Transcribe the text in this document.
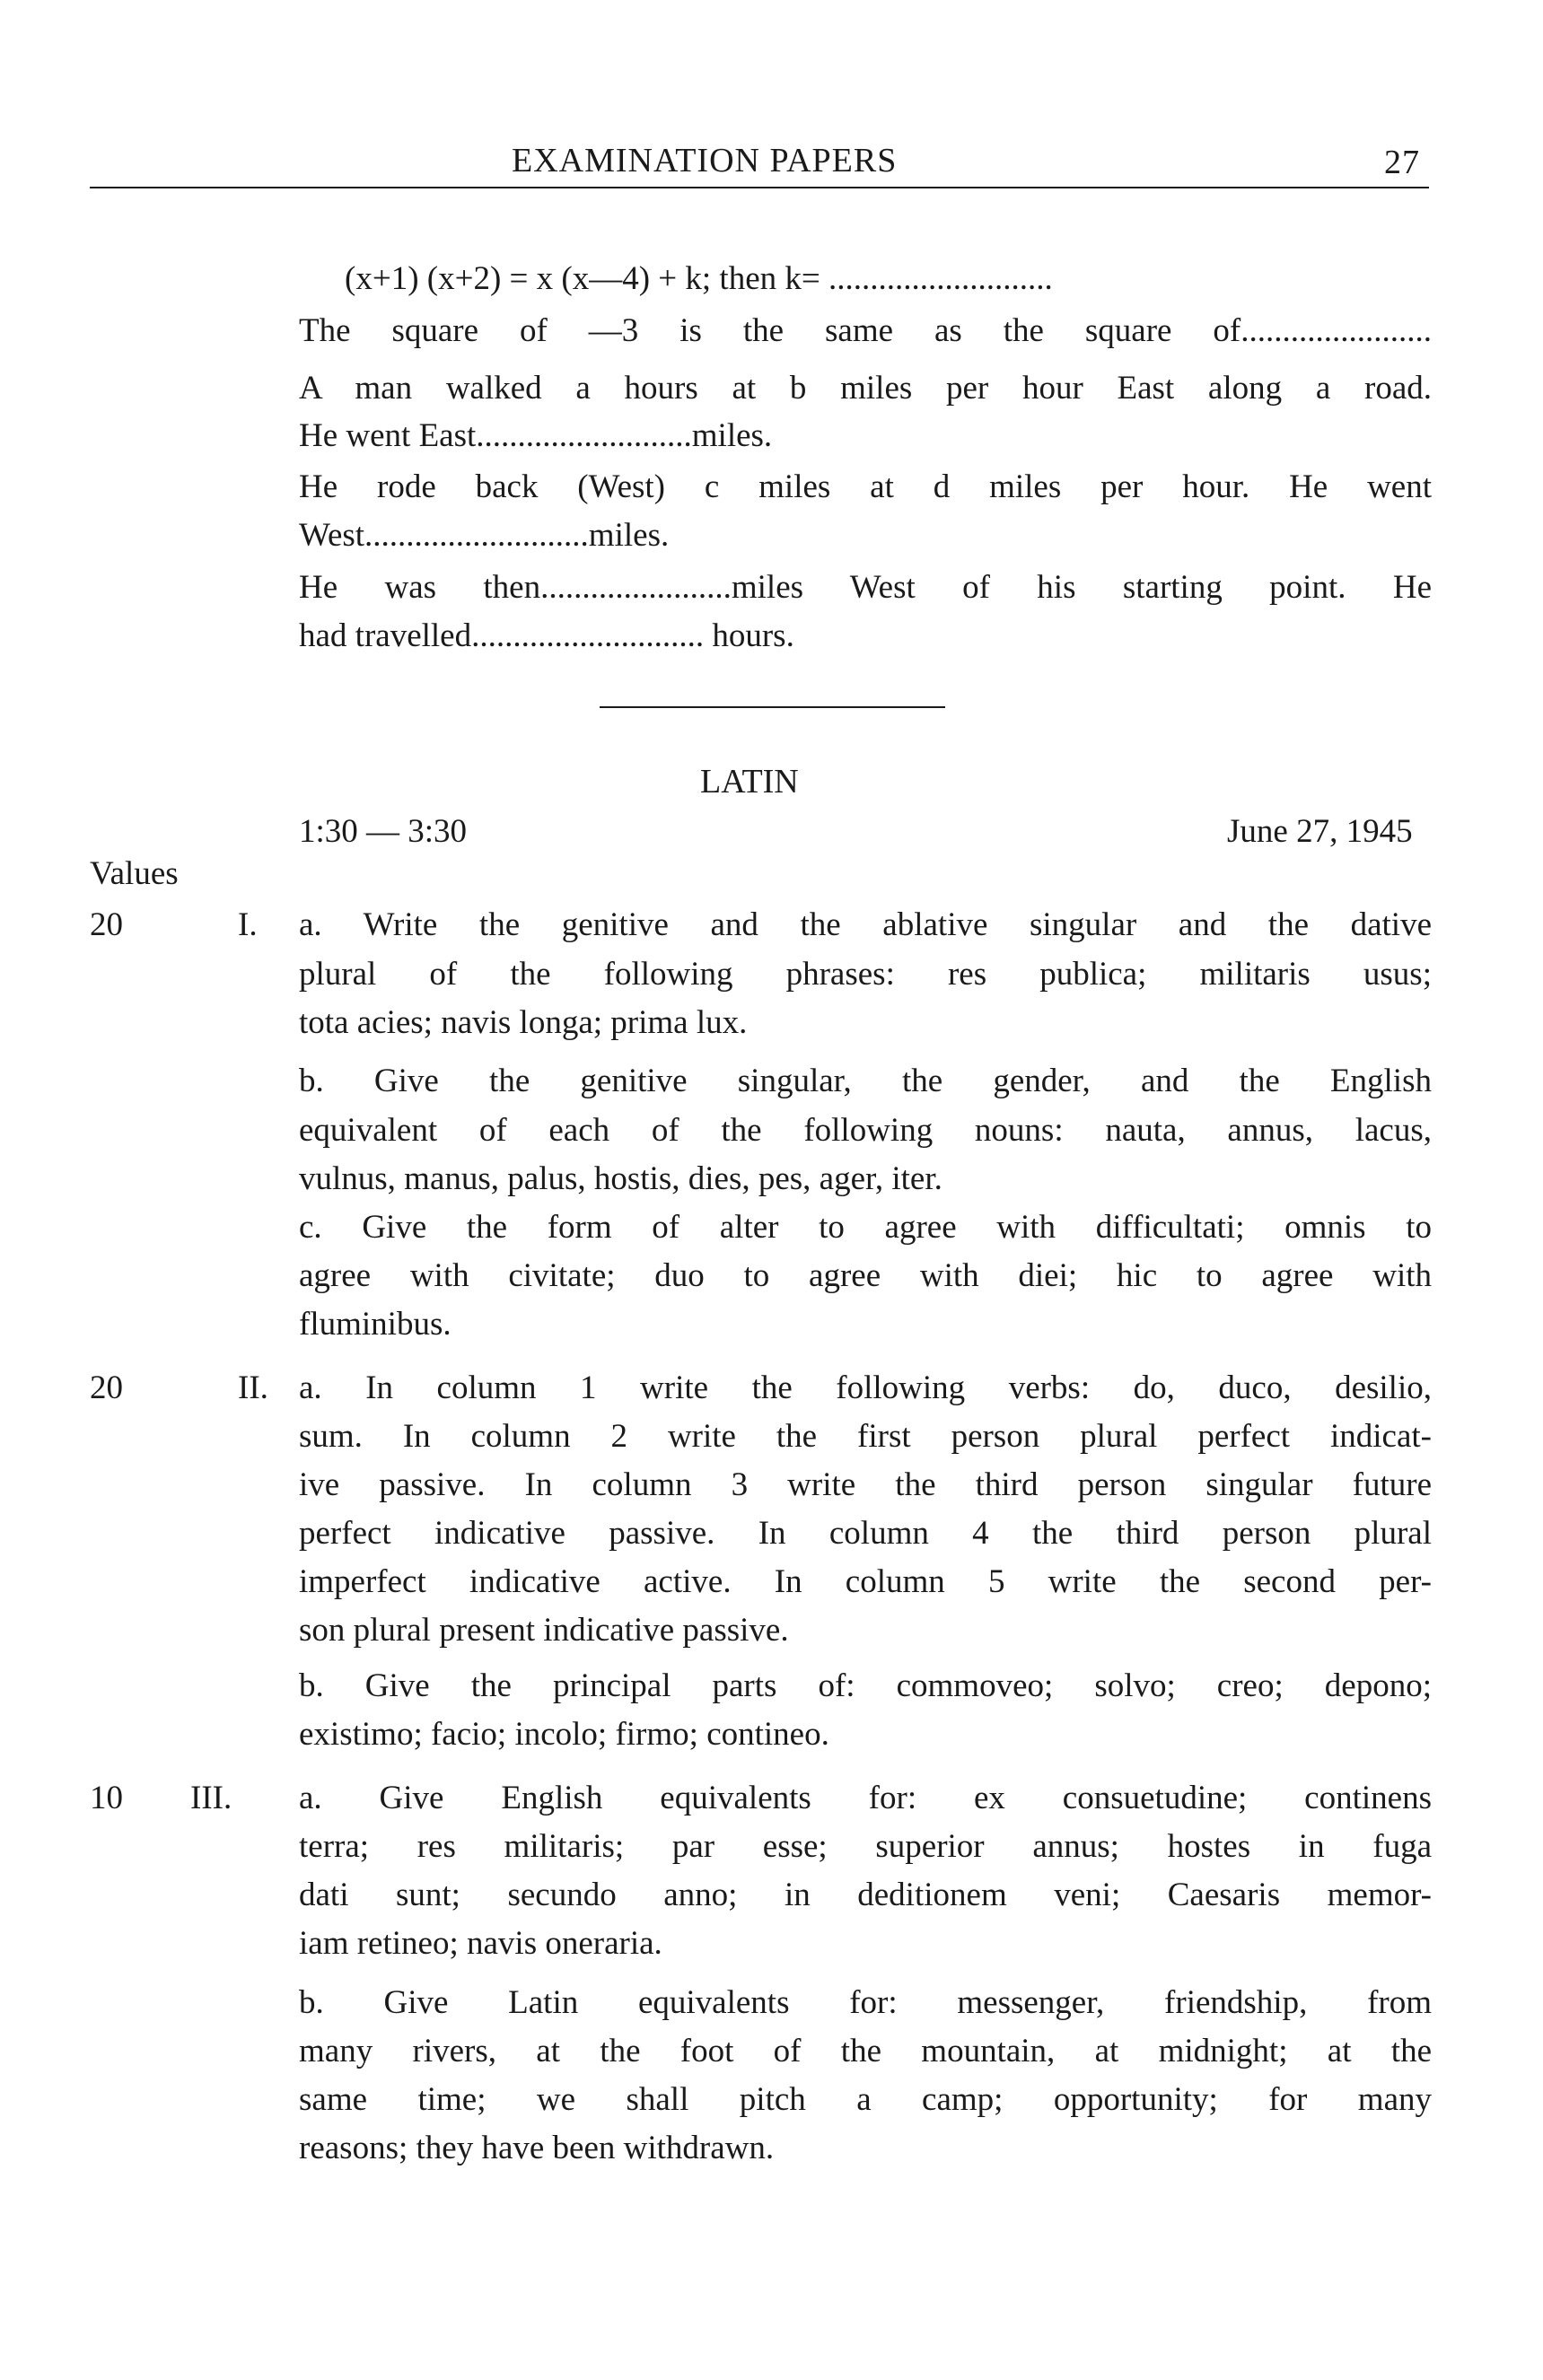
EXAMINATION PAPERS	27
(x+1) (x+2) = x (x—4) + k; then k= ...........................
The square of —3 is the same as the square of.......................
A man walked a hours at b miles per hour East along a road.
He went East..........................miles.
He rode back (West) c miles at d miles per hour. He went
West...........................miles.
He was then.......................miles West of his starting point. He
had travelled............................ hours.
LATIN
1:30 — 3:30	June 27, 1945
Values
20	I. a. Write the genitive and the ablative singular and the dative
plural of the following phrases: res publica; militaris usus;
tota acies; navis longa; prima lux.
b. Give the genitive singular, the gender, and the English
equivalent of each of the following nouns: nauta, annus, lacus,
vulnus, manus, palus, hostis, dies, pes, ager, iter.
c. Give the form of alter to agree with difficultati; omnis to
agree with civitate; duo to agree with diei; hic to agree with
fluminibus.
20	II. a. In column 1 write the following verbs: do, duco, desilio,
sum. In column 2 write the first person plural perfect indicat-
ive passive. In column 3 write the third person singular future
perfect indicative passive. In column 4 the third person plural
imperfect indicative active. In column 5 write the second per-
son plural present indicative passive.
b. Give the principal parts of: commoveo; solvo; creo; depono;
existimo; facio; incolo; firmo; contineo.
10 III. a. Give English equivalents for: ex consuetudine; continens
terra; res militaris; par esse; superior annus; hostes in fuga
dati sunt; secundo anno; in deditionem veni; Caesaris memor-
iam retineo; navis oneraria.
b. Give Latin equivalents for: messenger, friendship, from
many rivers, at the foot of the mountain, at midnight; at the
same time; we shall pitch a camp; opportunity; for many
reasons; they have been withdrawn.
